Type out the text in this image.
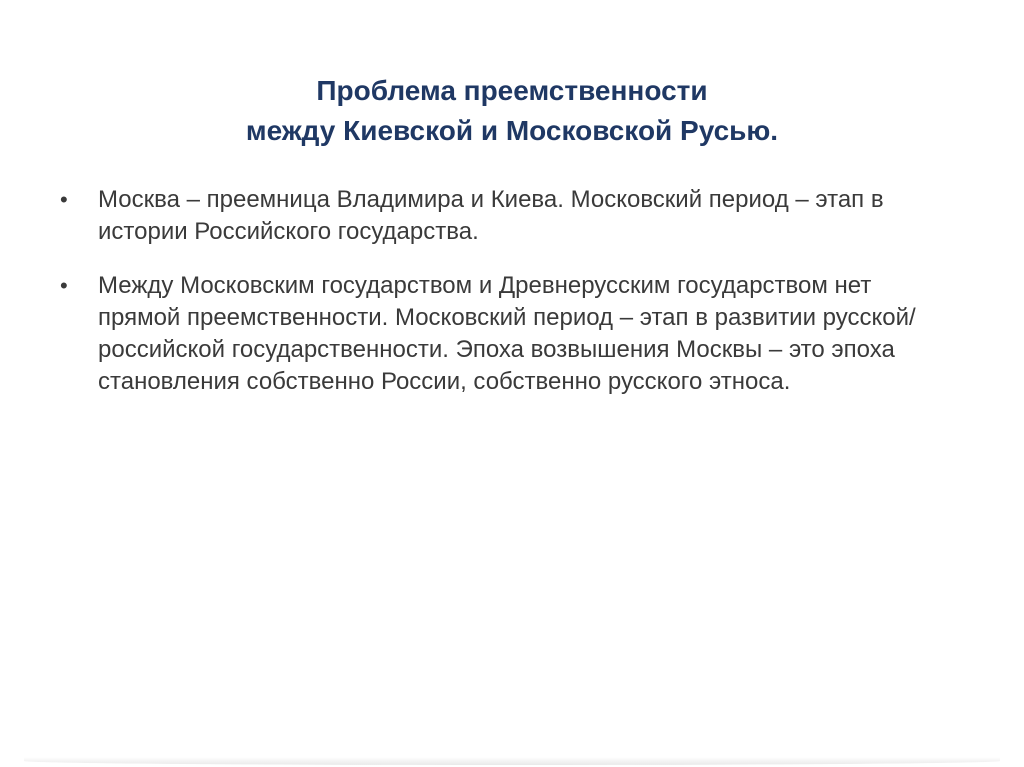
Проблема преемственности
между Киевской и Московской Русью.
• Москва – преемница Владимира и Киева. Московский период – этап в истории Российского государства.
• Между Московским государством и Древнерусским государством нет прямой преемственности. Московский период – этап в развитии русской/российской государственности. Эпоха возвышения Москвы – это эпоха становления собственно России, собственно русского этноса.
